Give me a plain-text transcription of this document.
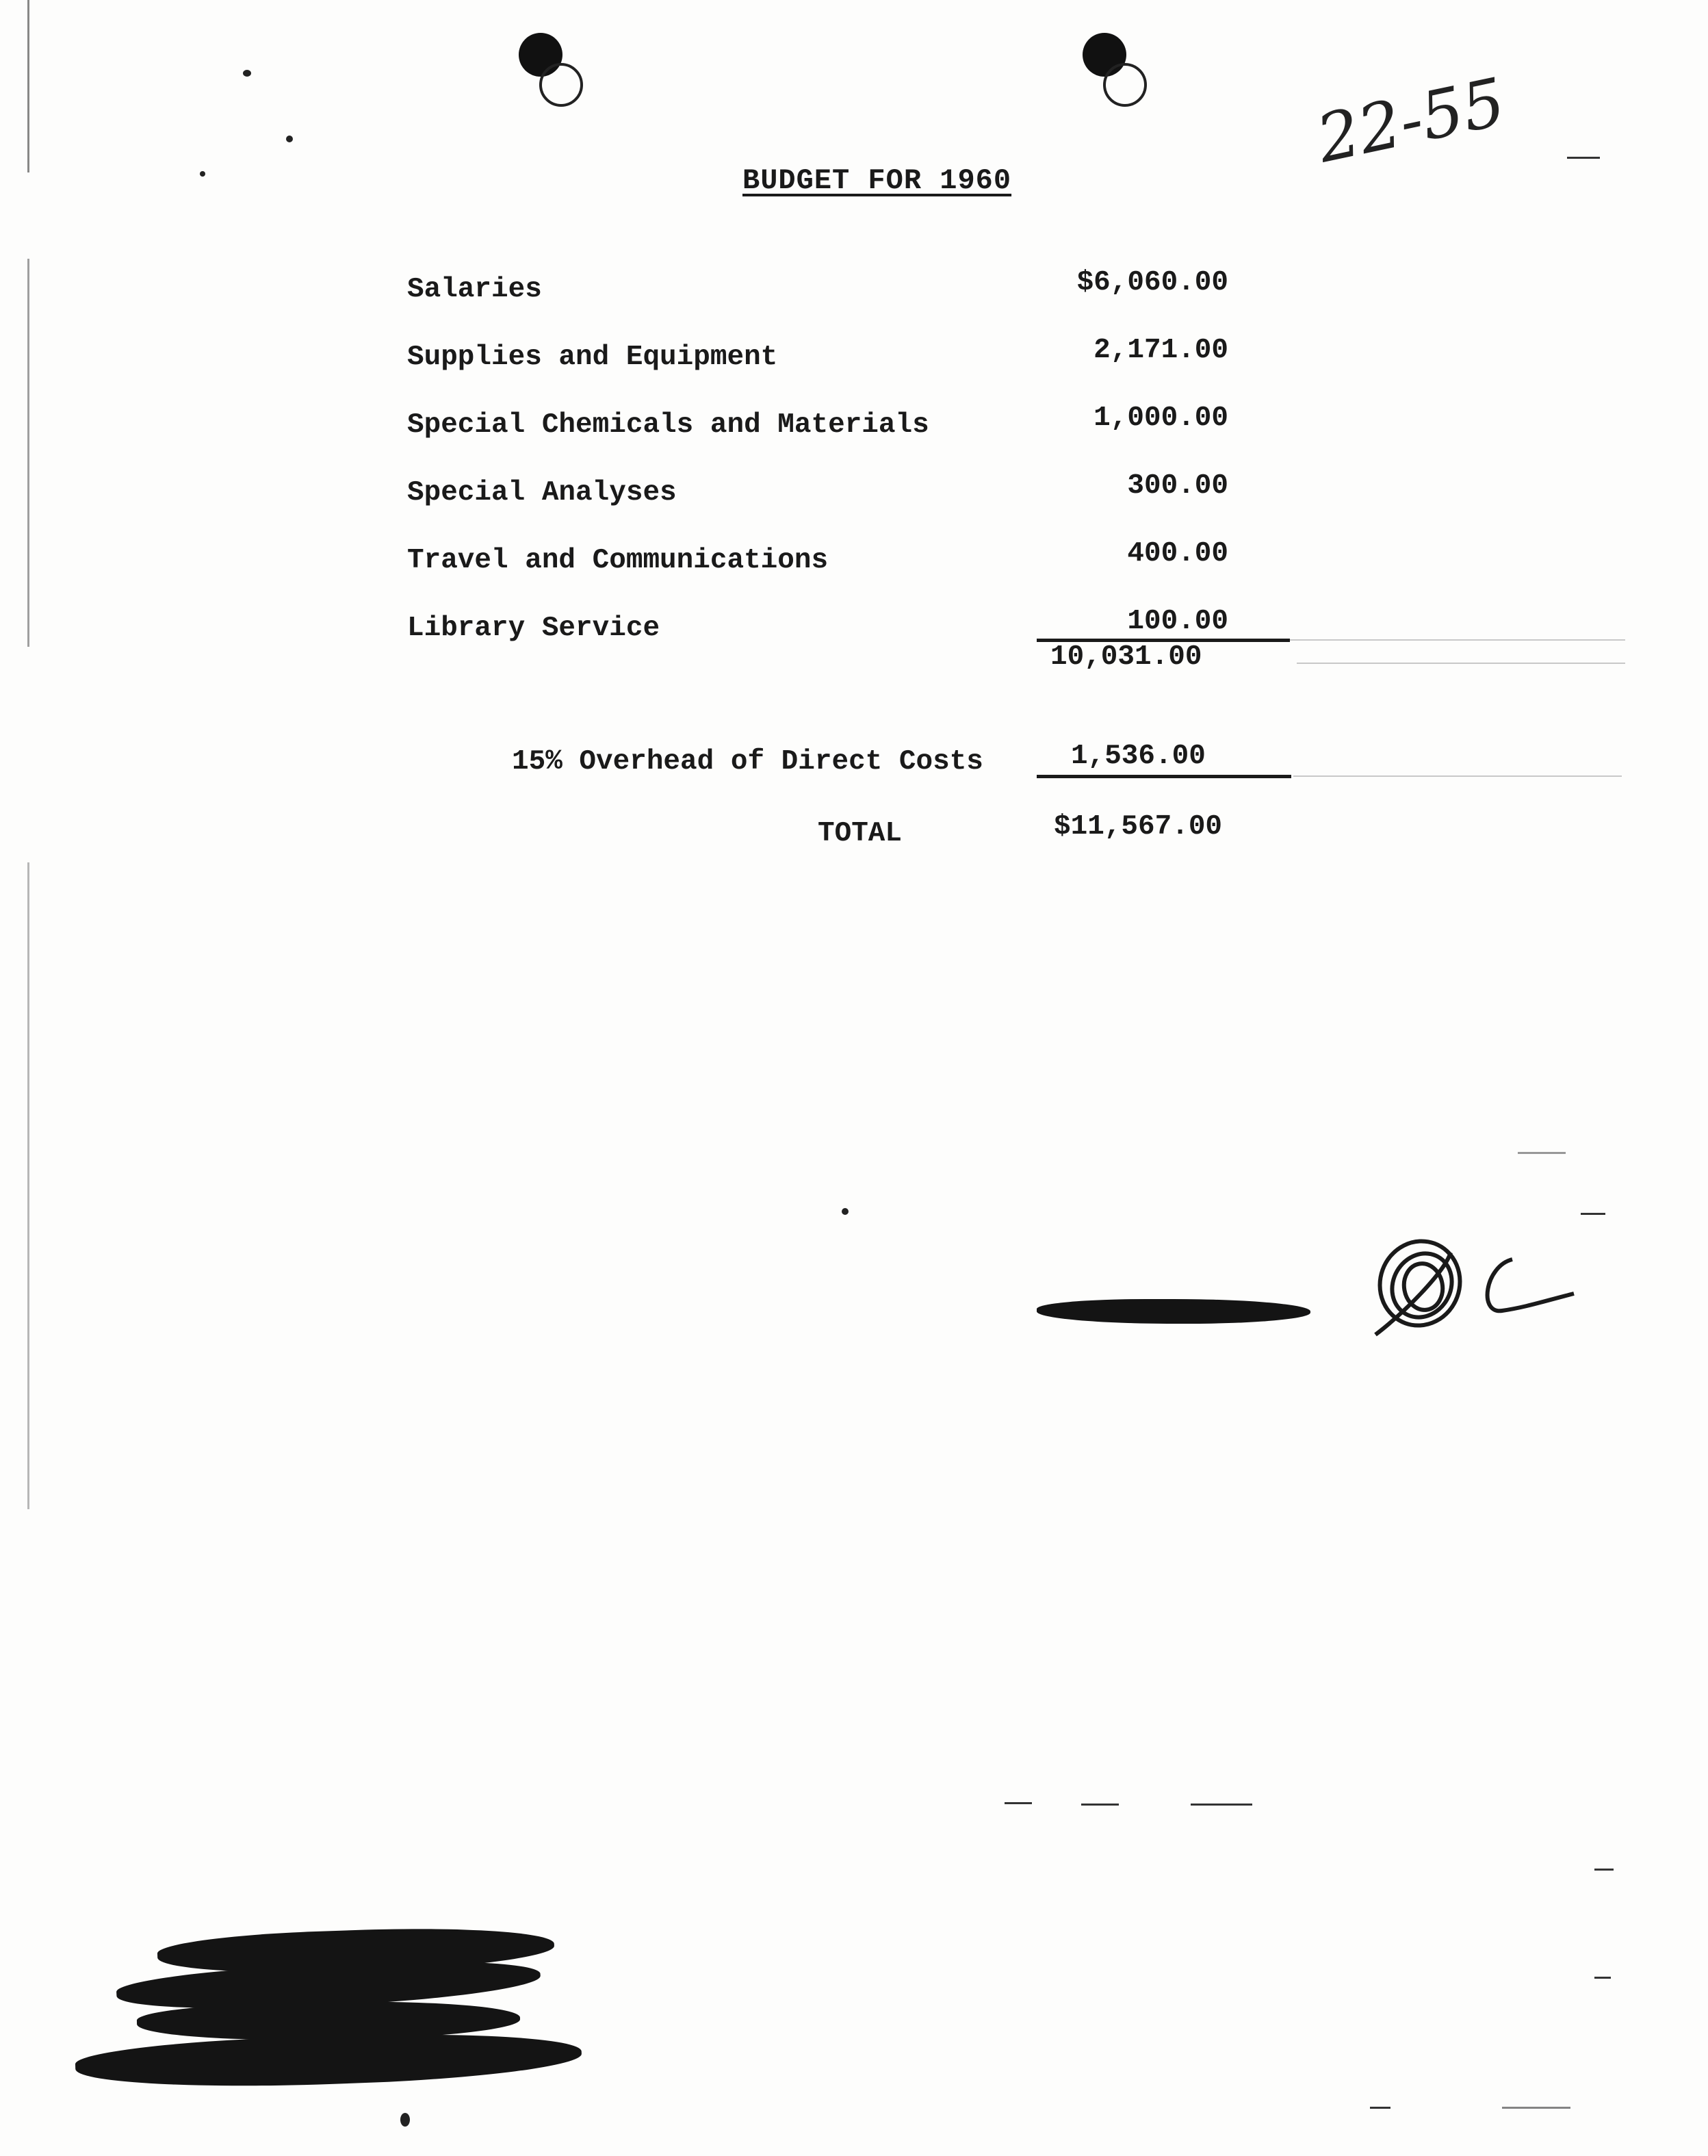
22-55
BUDGET FOR 1960
Salaries	$6,060.00
Supplies and Equipment	2,171.00
Special Chemicals and Materials	1,000.00
Special Analyses	300.00
Travel and Communications	400.00
Library Service	100.00
10,031.00
15% Overhead of Direct Costs	1,536.00
TOTAL	$11,567.00
